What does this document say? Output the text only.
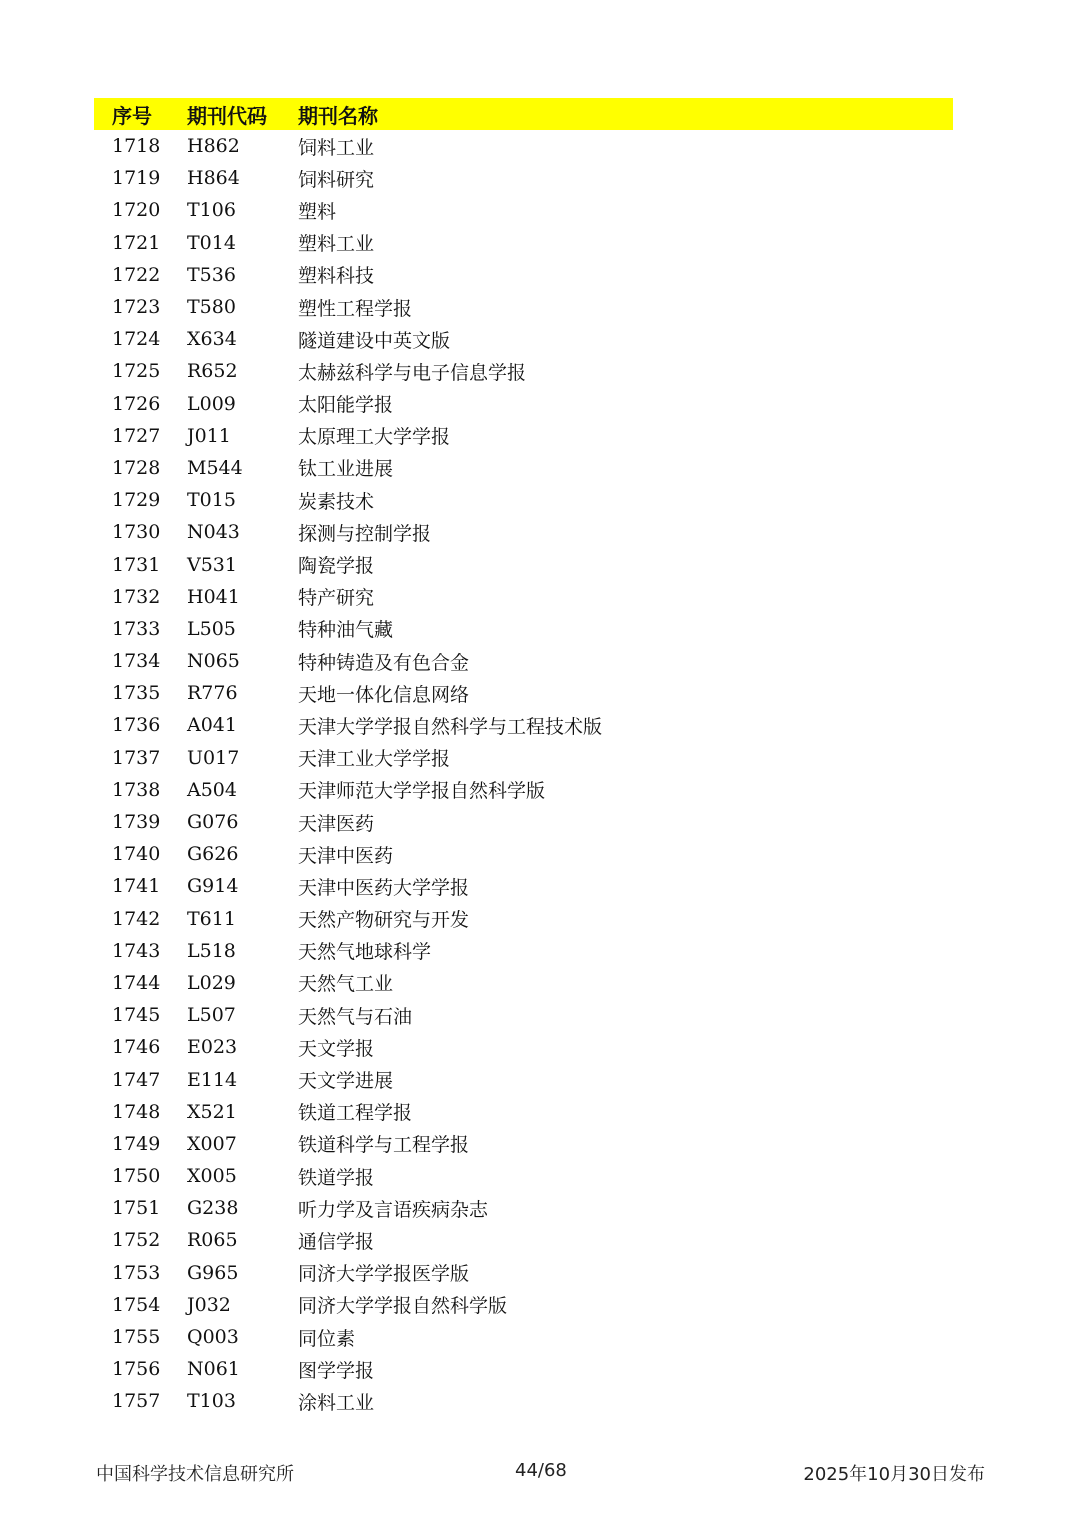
序号 期刊代码 期刊名称
1718 H862	饲料工业
1719 H864	饲料研究
1720 T106	塑料
1721 T014	塑料工业
1722 T536	塑料科技
1723 T580	塑性工程学报
1724 X634	隧道建设中英文版
1725 R652	太赫兹科学与电子信息学报
1726 L009	太阳能学报
1727 J011	太原理工大学学报
1728 M544	钛工业进展
1729 T015	炭素技术
1730 N043	探测与控制学报
1731 V531	陶瓷学报
1732 H041	特产研究
1733 L505	特种油气藏
1734 N065	特种铸造及有色合金
1735 R776	天地一体化信息网络
1736 A041	天津大学学报自然科学与工程技术版
1737 U017	天津工业大学学报
1738 A504	天津师范大学学报自然科学版
1739 G076	天津医药
1740 G626	天津中医药
1741 G914	天津中医药大学学报
1742 T611	天然产物研究与开发
1743 L518	天然气地球科学
1744 L029	天然气工业
1745 L507	天然气与石油
1746 E023	天文学报
1747 E114	天文学进展
1748 X521	铁道工程学报
1749 X007	铁道科学与工程学报
1750 X005	铁道学报
1751 G238	听力学及言语疾病杂志
1752 R065	通信学报
1753 G965	同济大学学报医学版
1754 J032	同济大学学报自然科学版
1755 Q003	同位素
1756 N061	图学学报
1757 T103	涂料工业
中国科学技术信息研究所	44/68	2025年10月30日发布
